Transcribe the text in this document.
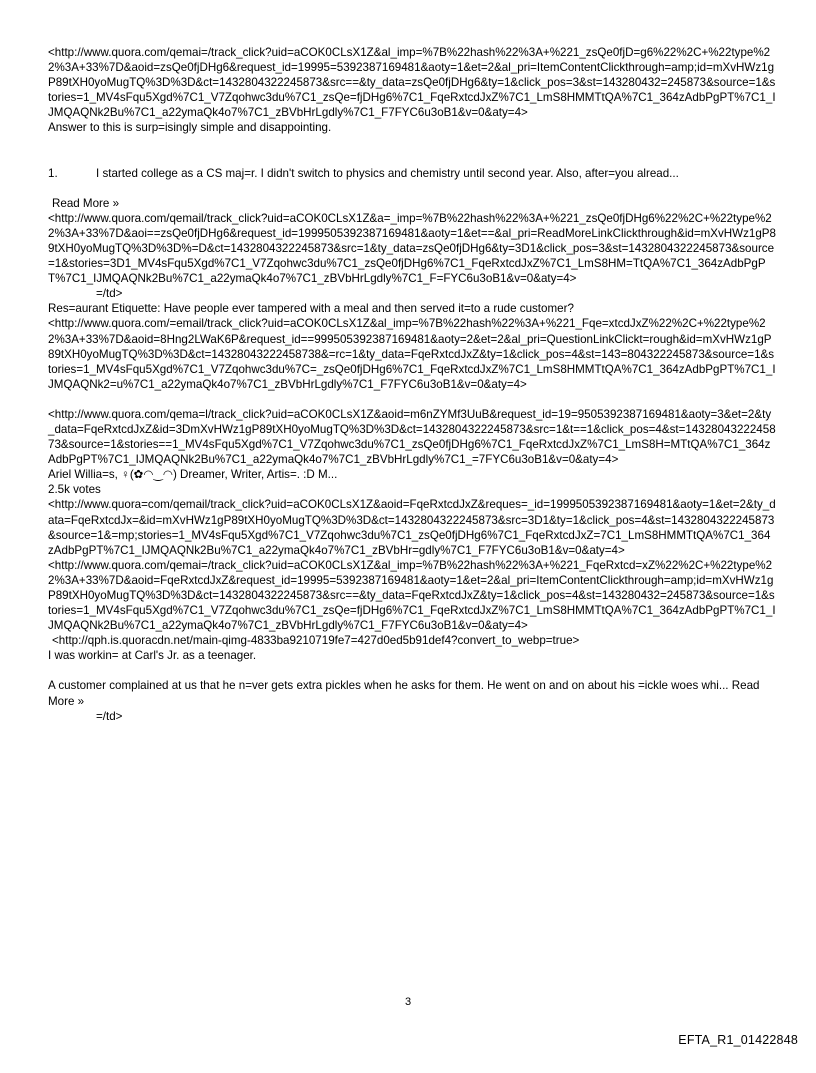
<http://www.quora.com/qemai=/track_click?uid=aCOK0CLsX1Z&al_imp=%7B%22hash%22%3A+%221_zsQe0fjD=g6%22%2C+%22type%22%3A+33%7D&aoid=zsQe0fjDHg6&request_id=19995=5392387169481&aoty=1&et=2&al_pri=ItemContentClickthrough=amp;id=mXvHWz1gP89tXH0yoMugTQ%3D%3D&ct=1432804322245873&src==&ty_data=zsQe0fjDHg6&ty=1&click_pos=3&st=143280432=245873&source=1&stories=1_MV4sFqu5Xgd%7C1_V7Zqohwc3du%7C1_zsQe=fjDHg6%7C1_FqeRxtcdJxZ%7C1_LmS8HMMTtQA%7C1_364zAdbPgPT%7C1_IJMQAQNk2Bu%7C1_a22ymaQk4o7%7C1_zBVbHrLgdly%7C1_F7FYC6u3oB1&v=0&aty=4>

Answer to this is surp=isingly simple and disappointing.

1.	I started college as a CS maj=r. I didn't switch to physics and chemistry until second year. Also, after=you alread...

Read More »

<http://www.quora.com/qemail/track_click?uid=aCOK0CLsX1Z&a=_imp=%7B%22hash%22%3A+%221_zsQe0fjDHg6%22%2C+%22type%22%3A+33%7D&aoi==zsQe0fjDHg6&request_id=1999505392387169481&aoty=1&et==&al_pri=ReadMoreLinkClickthrough&id=mXvHWz1gP89tXH0yoMugTQ%3D%3D%=D&ct=1432804322245873&src=1&ty_data=zsQe0fjDHg6&ty=3D1&click_pos=3&st=1432804322245873&source=1&stories=3D1_MV4sFqu5Xgd%7C1_V7Zqohwc3du%7C1_zsQe0fjDHg6%7C1_FqeRxtcdJxZ%7C1_LmS8HM=TtQA%7C1_364zAdbPgPT%7C1_IJMQAQNk2Bu%7C1_a22ymaQk4o7%7C1_zBVbHrLgdly%7C1_F=FYC6u3oB1&v=0&aty=4>

=/td>

Res=aurant Etiquette: Have people ever tampered with a meal and then served it=to a rude customer?

<http://www.quora.com/=email/track_click?uid=aCOK0CLsX1Z&al_imp=%7B%22hash%22%3A+%221_Fqe=xtcdJxZ%22%2C+%22type%22%3A+33%7D&aoid=8Hng2LWaK6P&request_id==999505392387169481&aoty=2&et=2&al_pri=QuestionLinkClickt=rough&id=mXvHWz1gP89tXH0yoMugTQ%3D%3D&ct=14328043222458738&=rc=1&ty_data=FqeRxtcdJxZ&ty=1&click_pos=4&st=143=804322245873&source=1&stories=1_MV4sFqu5Xgd%7C1_V7Zqohwc3du%7C=_zsQe0fjDHg6%7C1_FqeRxtcdJxZ%7C1_LmS8HMMTtQA%7C1_364zAdbPgPT%7C1_IJMQAQNk2=u%7C1_a22ymaQk4o7%7C1_zBVbHrLgdly%7C1_F7FYC6u3oB1&v=0&aty=4>

<http://www.quora.com/qema=l/track_click?uid=aCOK0CLsX1Z&aoid=m6nZYMf3UuB&request_id=19=9505392387169481&aoty=3&et=2&ty_data=FqeRxtcdJxZ&id=3DmXvHWz1gP89tXH0yoMugTQ%3D%3D&ct=1432804322245873&src=1&t==1&click_pos=4&st=1432804322245873&source=1&stories==1_MV4sFqu5Xgd%7C1_V7Zqohwc3du%7C1_zsQe0fjDHg6%7C1_FqeRxtcdJxZ%7C1_LmS8H=MTtQA%7C1_364zAdbPgPT%7C1_IJMQAQNk2Bu%7C1_a22ymaQk4o7%7C1_zBVbHrLgdly%7C1_=7FYC6u3oB1&v=0&aty=4>

Ariel Willia=s, ♀(✿◠‿◠) Dreamer, Writer, Artis=. :D M...

2.5k votes

<http://www.quora=com/qemail/track_click?uid=aCOK0CLsX1Z&aoid=FqeRxtcdJxZ&reques=_id=1999505392387169481&aoty=1&et=2&ty_data=FqeRxtcdJx=&id=mXvHWz1gP89tXH0yoMugTQ%3D%3D&ct=1432804322245873&src=3D1&ty=1&click_pos=4&st=1432804322245873&source=1&=mp;stories=1_MV4sFqu5Xgd%7C1_V7Zqohwc3du%7C1_zsQe0fjDHg6%7C1_FqeRxtcdJxZ=7C1_LmS8HMMTtQA%7C1_364zAdbPgPT%7C1_IJMQAQNk2Bu%7C1_a22ymaQk4o7%7C1_zBVbHr=gdly%7C1_F7FYC6u3oB1&v=0&aty=4>

<http://www.quora.com/qemai=/track_click?uid=aCOK0CLsX1Z&al_imp=%7B%22hash%22%3A+%221_FqeRxtcd=xZ%22%2C+%22type%22%3A+33%7D&aoid=FqeRxtcdJxZ&request_id=19995=5392387169481&aoty=1&et=2&al_pri=ItemContentClickthrough=amp;id=mXvHWz1gP89tXH0yoMugTQ%3D%3D&ct=1432804322245873&src==&ty_data=FqeRxtcdJxZ&ty=1&click_pos=4&st=143280432=245873&source=1&stories=1_MV4sFqu5Xgd%7C1_V7Zqohwc3du%7C1_zsQe=fjDHg6%7C1_FqeRxtcdJxZ%7C1_LmS8HMMTtQA%7C1_364zAdbPgPT%7C1_IJMQAQNk2Bu%7C1_a22ymaQk4o7%7C1_zBVbHrLgdly%7C1_F7FYC6u3oB1&v=0&aty=4>

<http://qph.is.quoracdn.net/main-qimg-4833ba9210719fe7=427d0ed5b91def4?convert_to_webp=true>

I was workin= at Carl's Jr. as a teenager.

A customer complained at us that he n=ver gets extra pickles when he asks for them. He went on and on about his =ickle woes whi... Read More »

=/td>

3
EFTA_R1_01422848
